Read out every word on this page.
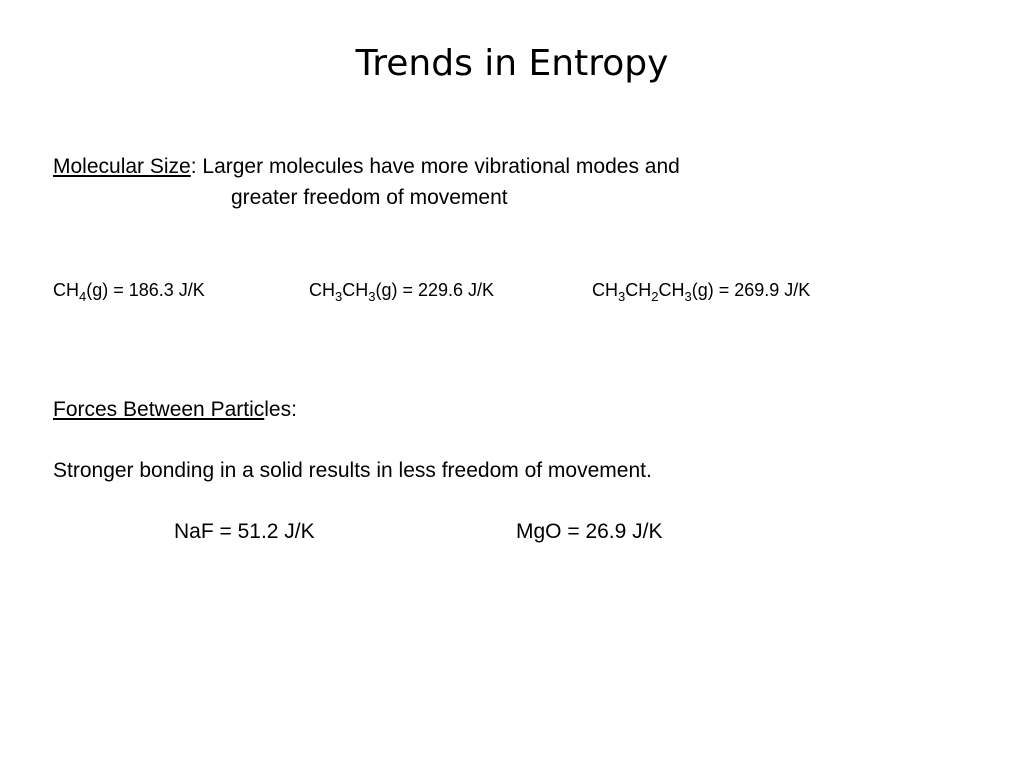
Trends in Entropy
Molecular Size: Larger molecules have more vibrational modes and
greater freedom of movement
$CH_4(g) = 186.3$ J/K	$CH_3CH_3(g) = 229.6$ J/K	$CH_3CH_2CH_3(g) = 269.9$ J/K
Forces Between Particles:
Stronger bonding in a solid results in less freedom of movement.
NaF = 51.2 J/K	MgO = 26.9 J/K
